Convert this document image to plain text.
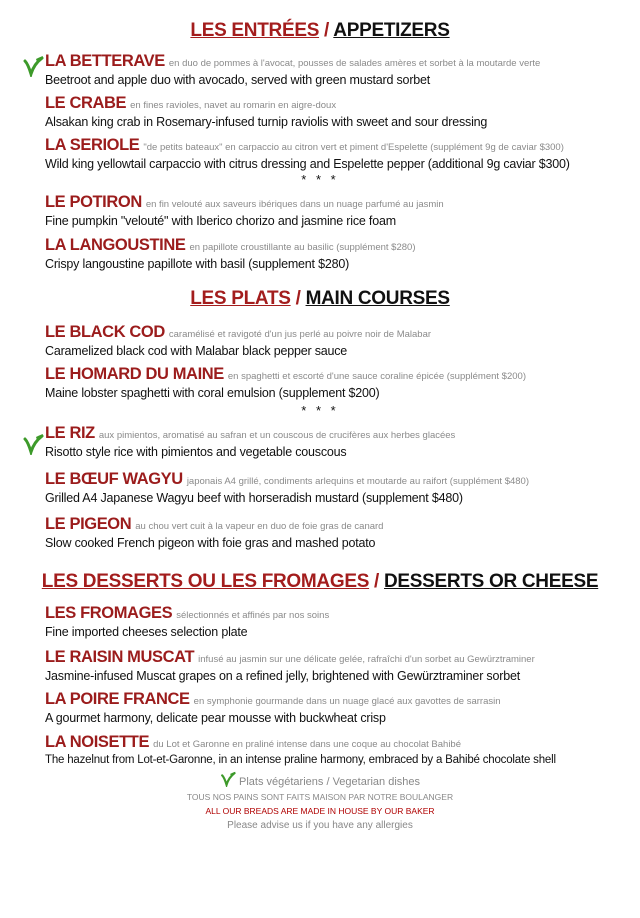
LES ENTRÉES / APPETIZERS
LES PLATS / MAIN COURSES
LES DESSERTS OU LES FROMAGES / DESSERTS OR CHEESE
LA BETTERAVE en duo de pommes à l'avocat, pousses de salades amères et sorbet à la moutarde verte
Beetroot and apple duo with avocado, served with green mustard sorbet
LE CRABE en fines ravioles, navet au romarin en aigre-doux
Alsakan king crab in Rosemary-infused turnip raviolis with sweet and sour dressing
LA SERIOLE "de petits bateaux" en carpaccio au citron vert et piment d'Espelette (supplément 9g de caviar $300)
Wild king yellowtail carpaccio with citrus dressing and Espelette pepper (additional 9g caviar $300)
* * *
LE POTIRON en fin velouté aux saveurs ibériques dans un nuage parfumé au jasmin
Fine pumpkin "velouté" with Iberico chorizo and jasmine rice foam
LA LANGOUSTINE en papillote croustillante au basilic (supplément $280)
Crispy langoustine papillote with basil (supplement $280)
LE BLACK COD caramélisé et ravigoté d'un jus perlé au poivre noir de Malabar
Caramelized black cod with Malabar black pepper sauce
LE HOMARD DU MAINE en spaghetti et escorté d'une sauce coraline épicée (supplément $200)
Maine lobster spaghetti with coral emulsion (supplement $200)
* * *
LE RIZ aux pimientos, aromatisé au safran et un couscous de crucifères aux herbes glacées
Risotto style rice with pimientos and vegetable couscous
LE BŒUF WAGYU japonais A4 grillé, condiments arlequins et moutarde au raifort (supplément $480)
Grilled A4 Japanese Wagyu beef with horseradish mustard (supplement $480)
LE PIGEON au chou vert cuit à la vapeur en duo de foie gras de canard
Slow cooked French pigeon with foie gras and mashed potato
LES FROMAGES sélectionnés et affinés par nos soins
Fine imported cheeses selection plate
LE RAISIN MUSCAT infusé au jasmin sur une délicate gelée, rafraîchi d'un sorbet au Gewürztraminer
Jasmine-infused Muscat grapes on a refined jelly, brightened with Gewürztraminer sorbet
LA POIRE FRANCE en symphonie gourmande dans un nuage glacé aux gavottes de sarrasin
A gourmet harmony, delicate pear mousse with buckwheat crisp
LA NOISETTE du Lot et Garonne en praliné intense dans une coque au chocolat Bahibé
The hazelnut from Lot-et-Garonne, in an intense praline harmony, embraced by a Bahibé chocolate shell
Plats végétariens / Vegetarian dishes
TOUS NOS PAINS SONT FAITS MAISON PAR NOTRE BOULANGER
ALL OUR BREADS ARE MADE IN HOUSE BY OUR BAKER
Please advise us if you have any allergies
